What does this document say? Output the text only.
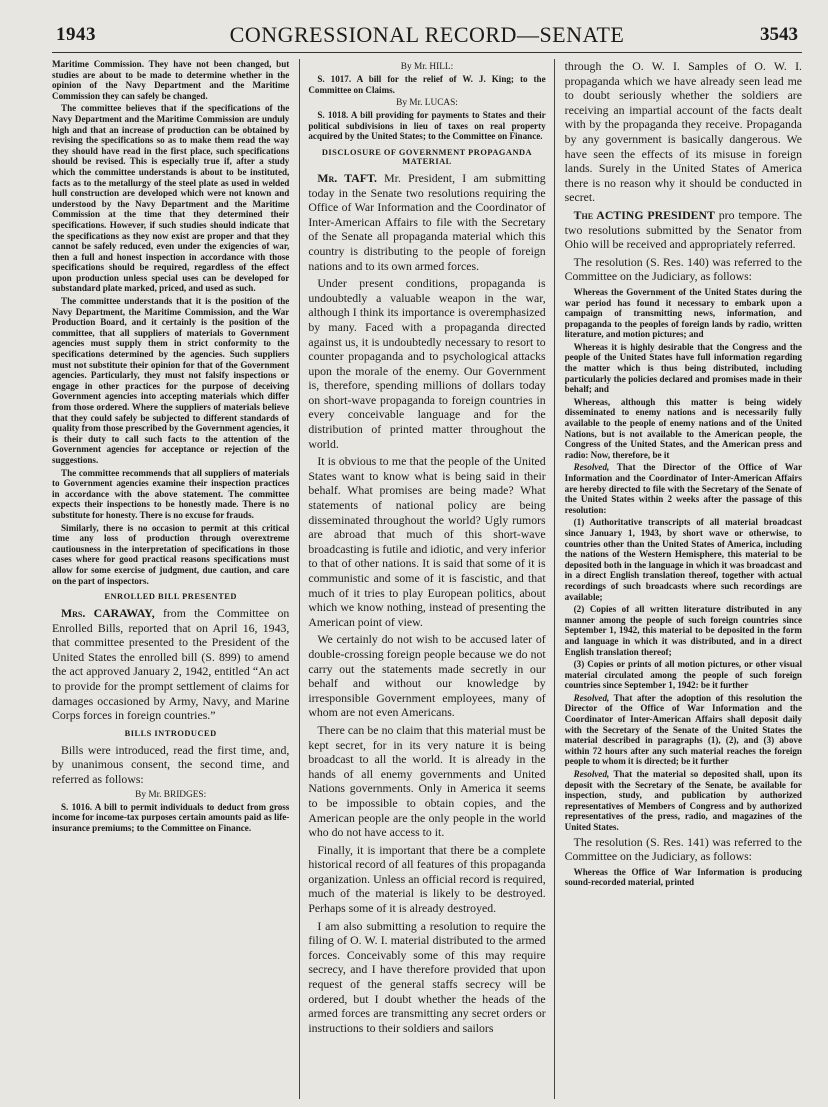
1943	CONGRESSIONAL RECORD—SENATE	3543

Maritime Commission. They have not been changed, but studies are about to be made to determine whether in the opinion of the Navy Department and the Maritime Commission they can safely be changed.

The committee believes that if the specifications of the Navy Department and the Maritime Commission are unduly high and that an increase of production can be obtained by revising the specifications so as to make them read the way they should have read in the first place, such specifications should be revised. This is especially true if, after a study which the committee understands is about to be instituted, facts as to the metallurgy of the steel plate as used in welded hull construction are developed which were not known and understood by the Navy Department and the Maritime Commission at the time that they determined their specifications. However, if such studies should indicate that the specifications as they now exist are proper and that they cannot be safely reduced, even under the exigencies of war, then a full and honest inspection in accordance with those specifications should be required, regardless of the effect upon production unless special uses can be developed for substandard plate marked, priced, and used as such.

The committee understands that it is the position of the Navy Department, the Maritime Commission, and the War Production Board, and it certainly is the position of the committee, that all suppliers of materials to Government agencies must supply them in strict conformity to the specifications determined by the agencies. Such suppliers must not substitute their opinion for that of the Government agencies. Particularly, they must not falsify inspections or engage in other practices for the purpose of deceiving Government agencies into accepting materials which differ from those ordered. Where the suppliers of materials believe that they could safely be subjected to different standards of quality from those prescribed by the Government agencies, it is their duty to call such facts to the attention of the Government agencies for acceptance or rejection of the suggestions.

The committee recommends that all suppliers of materials to Government agencies examine their inspection practices in accordance with the above statement. The committee expects their inspections to be honestly made. There is no substitute for honesty. There is no excuse for frauds.

Similarly, there is no occasion to permit at this critical time any loss of production through overextreme cautiousness in the interpretation of specifications in those cases where for good practical reasons specifications must allow for some exercise of judgment, due caution, and care on the part of inspectors.

ENROLLED BILL PRESENTED

Mrs. CARAWAY, from the Committee on Enrolled Bills, reported that on April 16, 1943, that committee presented to the President of the United States the enrolled bill (S. 899) to amend the act approved January 2, 1942, entitled “An act to provide for the prompt settlement of claims for damages occasioned by Army, Navy, and Marine Corps forces in foreign countries.”

BILLS INTRODUCED

Bills were introduced, read the first time, and, by unanimous consent, the second time, and referred as follows:

By Mr. BRIDGES:

S. 1016. A bill to permit individuals to deduct from gross income for income-tax purposes certain amounts paid as life-insurance premiums; to the Committee on Finance.

By Mr. HILL:

S. 1017. A bill for the relief of W. J. King; to the Committee on Claims.

By Mr. LUCAS:

S. 1018. A bill providing for payments to States and their political subdivisions in lieu of taxes on real property acquired by the United States; to the Committee on Finance.

DISCLOSURE OF GOVERNMENT PROPAGANDA MATERIAL

Mr. TAFT. Mr. President, I am submitting today in the Senate two resolutions requiring the Office of War Information and the Coordinator of Inter-American Affairs to file with the Secretary of the Senate all propaganda material which this country is distributing to the people of foreign nations and to its own armed forces.

Under present conditions, propaganda is undoubtedly a valuable weapon in the war, although I think its importance is overemphasized by many. Faced with a propaganda directed against us, it is undoubtedly necessary to resort to counter propaganda and to psychological attacks upon the morale of the enemy. Our Government is, therefore, spending millions of dollars today on short-wave propaganda to foreign countries in every conceivable language and for the distribution of printed matter throughout the world.

It is obvious to me that the people of the United States want to know what is being said in their behalf. What promises are being made? What statements of national policy are being disseminated throughout the world? Ugly rumors are abroad that much of this short-wave broadcasting is futile and idiotic, and very inferior to that of other nations. It is said that some of it is communistic and some of it is fascistic, and that much of it tries to play European politics, about which we know nothing, instead of presenting the American point of view.

We certainly do not wish to be accused later of double-crossing foreign people because we do not carry out the statements made secretly in our behalf and without our knowledge by irresponsible Government employees, many of whom are not even Americans.

There can be no claim that this material must be kept secret, for in its very nature it is being broadcast to all the world. It is already in the hands of all enemy governments and United Nations governments. Only in America it seems to be impossible to obtain copies, and the American people are the only people in the world who do not have access to it.

Finally, it is important that there be a complete historical record of all features of this propaganda organization. Unless an official record is required, much of the material is likely to be destroyed. Perhaps some of it is already destroyed.

I am also submitting a resolution to require the filing of O. W. I. material distributed to the armed forces. Conceivably some of this may require secrecy, and I have therefore provided that upon request of the general staffs secrecy will be ordered, but I doubt whether the heads of the armed forces are transmitting any secret orders or instructions to their soldiers and sailors

through the O. W. I. Samples of O. W. I. propaganda which we have already seen lead me to doubt seriously whether the soldiers are receiving an impartial account of the facts dealt with by the propaganda they receive. Propaganda by any government is basically dangerous. We have seen the effects of its misuse in foreign lands. Surely in the United States of America there is no reason why it should be conducted in secret.

The ACTING PRESIDENT pro tempore. The two resolutions submitted by the Senator from Ohio will be received and appropriately referred.

The resolution (S. Res. 140) was referred to the Committee on the Judiciary, as follows:

Whereas the Government of the United States during the war period has found it necessary to embark upon a campaign of transmitting news, information, and propaganda to the peoples of foreign lands by radio, written literature, and motion pictures; and

Whereas it is highly desirable that the Congress and the people of the United States have full information regarding the matter which is thus being distributed, including particularly the policies declared and promises made in their behalf; and

Whereas, although this matter is being widely disseminated to enemy nations and is necessarily fully available to the people of enemy nations and of the United Nations, but is not available to the American people, the Congress of the United States, and the American press and radio: Now, therefore, be it

Resolved, That the Director of the Office of War Information and the Coordinator of Inter-American Affairs are hereby directed to file with the Secretary of the Senate of the United States within 2 weeks after the passage of this resolution:

(1) Authoritative transcripts of all material broadcast since January 1, 1943, by short wave or otherwise, to countries other than the United States of America, including the nations of the Western Hemisphere, this material to be deposited both in the language in which it was broadcast and in a direct English translation thereof, together with actual recordings of such broadcasts where such recordings are available;

(2) Copies of all written literature distributed in any manner among the people of such foreign countries since September 1, 1942, this material to be deposited in the form and language in which it was distributed, and in a direct English translation thereof;

(3) Copies or prints of all motion pictures, or other visual material circulated among the people of such foreign countries since September 1, 1942: be it further

Resolved, That after the adoption of this resolution the Director of the Office of War Information and the Coordinator of Inter-American Affairs shall deposit daily with the Secretary of the Senate of the United States the material described in paragraphs (1), (2), and (3) above within 72 hours after any such material reaches the foreign people to whom it is directed; be it further

Resolved, That the material so deposited shall, upon its deposit with the Secretary of the Senate, be available for inspection, study, and publication by authorized representatives of Members of Congress and by authorized representatives of the press, radio, and magazines of the United States.

The resolution (S. Res. 141) was referred to the Committee on the Judiciary, as follows:

Whereas the Office of War Information is producing sound-recorded material, printed
